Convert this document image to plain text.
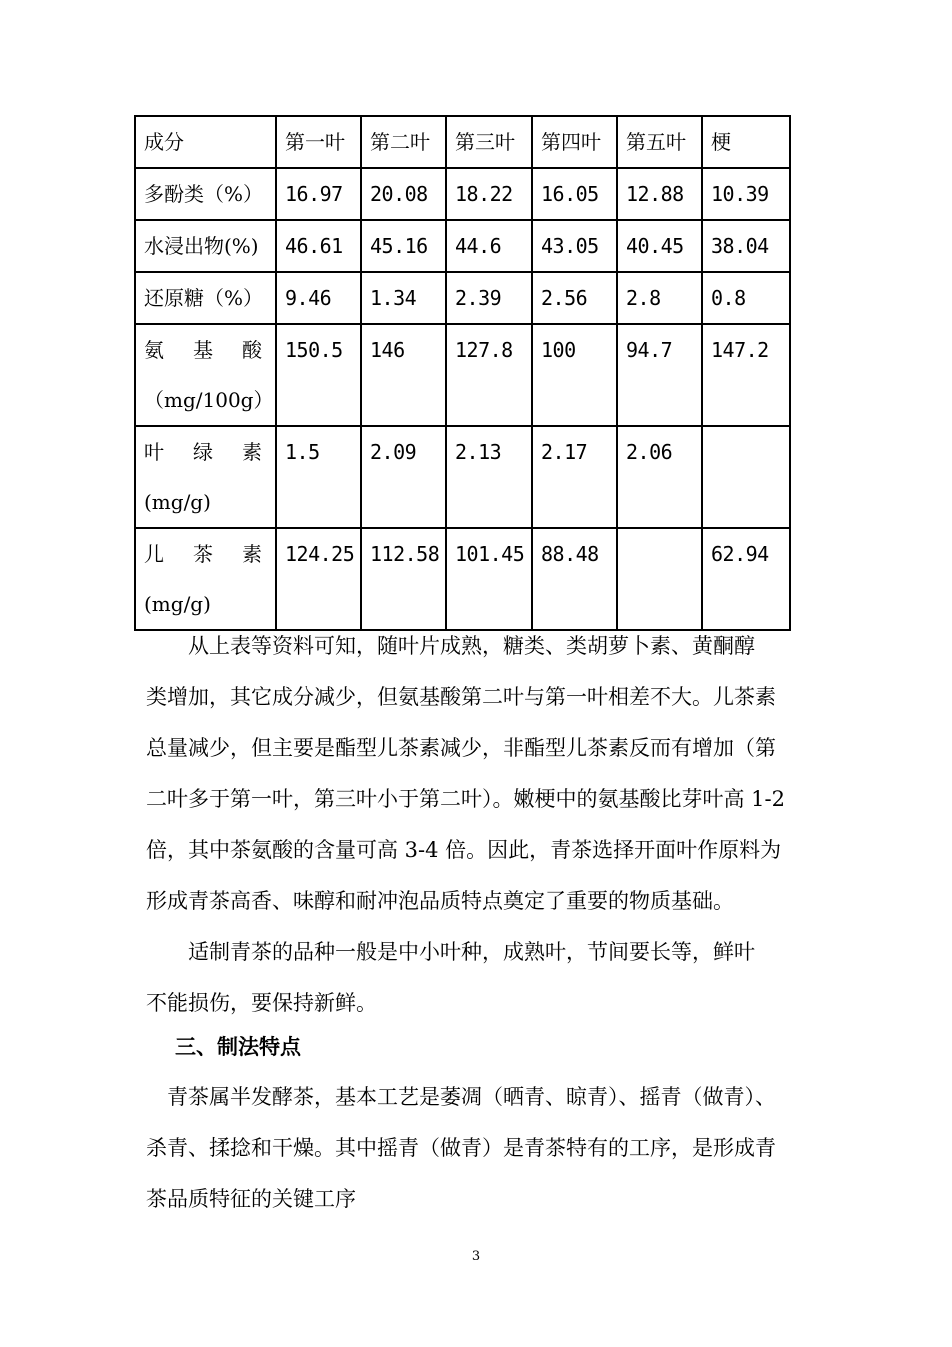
成分	第一叶	第二叶	第三叶	第四叶	第五叶	梗
多酚类（%）	16.97	20.08	18.22	16.05	12.88	10.39
水浸出物(%)	46.61	45.16	44.6	43.05	40.45	38.04
还原糖（%）	9.46	1.34	2.39	2.56	2.8	0.8

氨 基 酸
（mg/100g）	150.5	146	127.8	100	94.7	147.2

叶 绿 素
(mg/g)	1.5	2.09	2.13	2.17	2.06	

儿 茶 素
(mg/g)	124.25	112.58	101.45	88.48		62.94
　　从上表等资料可知，随叶片成熟，糖类、类胡萝卜素、黄酮醇
类增加，其它成分减少，但氨基酸第二叶与第一叶相差不大。儿茶素
总量减少，但主要是酯型儿茶素减少，非酯型儿茶素反而有增加（第
二叶多于第一叶，第三叶小于第二叶）。嫩梗中的氨基酸比芽叶高 1-2
倍，其中茶氨酸的含量可高 3-4 倍。因此，青茶选择开面叶作原料为
形成青茶高香、味醇和耐冲泡品质特点奠定了重要的物质基础。
　　适制青茶的品种一般是中小叶种，成熟叶，节间要长等，鲜叶
不能损伤，要保持新鲜。
三、制法特点
　青茶属半发酵茶，基本工艺是萎凋（晒青、晾青）、摇青（做青）、
杀青、揉捻和干燥。其中摇青（做青）是青茶特有的工序，是形成青
茶品质特征的关键工序
3
